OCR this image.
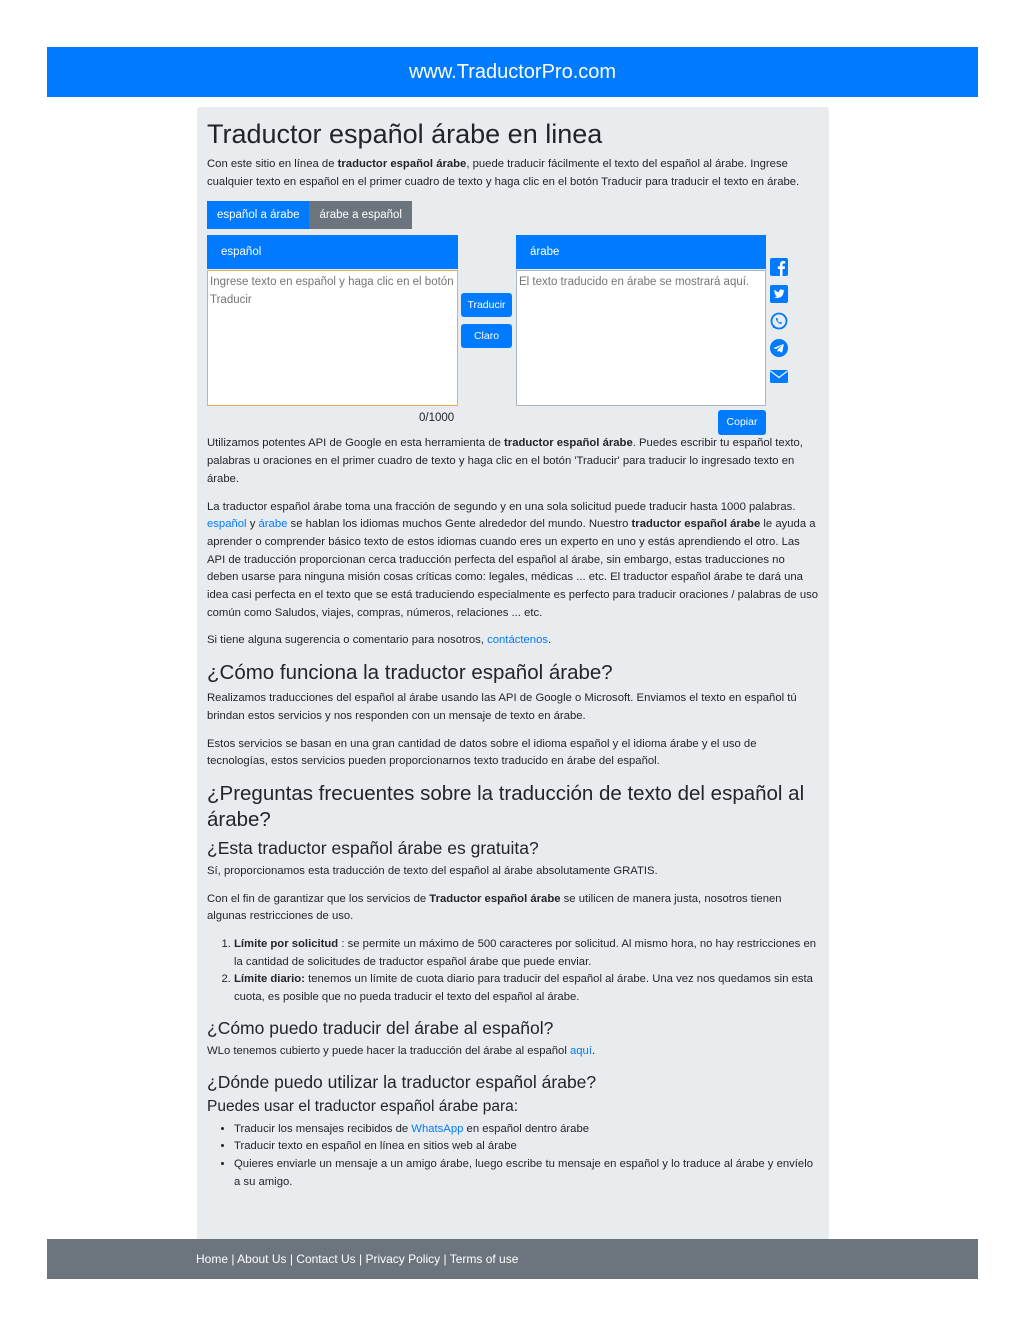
www.TraductorPro.com
Traductor español árabe en linea

Con este sitio en línea de traductor español árabe, puede traducir fácilmente el texto del español al árabe. Ingrese cualquier texto en español en el primer cuadro de texto y haga clic en el botón Traducir para traducir el texto en árabe.

español a árabe	árabe a español
español
Ingrese texto en español y haga clic en el botón Traducir
Traducir
Claro
árabe
El texto traducido en árabe se mostrará aquí.
0/1000	Copiar

Utilizamos potentes API de Google en esta herramienta de traductor español árabe. Puedes escribir tu español texto, palabras u oraciones en el primer cuadro de texto y haga clic en el botón 'Traducir' para traducir lo ingresado texto en árabe.

La traductor español árabe toma una fracción de segundo y en una sola solicitud puede traducir hasta 1000 palabras. español y árabe se hablan los idiomas muchos Gente alrededor del mundo. Nuestro traductor español árabe le ayuda a aprender o comprender básico texto de estos idiomas cuando eres un experto en uno y estás aprendiendo el otro. Las API de traducción proporcionan cerca traducción perfecta del español al árabe, sin embargo, estas traducciones no deben usarse para ninguna misión cosas críticas como: legales, médicas ... etc. El traductor español árabe te dará una idea casi perfecta en el texto que se está traduciendo especialmente es perfecto para traducir oraciones / palabras de uso común como Saludos, viajes, compras, números, relaciones ... etc.

Si tiene alguna sugerencia o comentario para nosotros, contáctenos.

¿Cómo funciona la traductor español árabe?

Realizamos traducciones del español al árabe usando las API de Google o Microsoft. Enviamos el texto en español tú brindan estos servicios y nos responden con un mensaje de texto en árabe.

Estos servicios se basan en una gran cantidad de datos sobre el idioma español y el idioma árabe y el uso de tecnologías, estos servicios pueden proporcionarnos texto traducido en árabe del español.

¿Preguntas frecuentes sobre la traducción de texto del español al árabe?
¿Esta traductor español árabe es gratuita?

Sí, proporcionamos esta traducción de texto del español al árabe absolutamente GRATIS.

Con el fin de garantizar que los servicios de Traductor español árabe se utilicen de manera justa, nosotros tienen algunas restricciones de uso.

1. Límite por solicitud : se permite un máximo de 500 caracteres por solicitud. Al mismo hora, no hay restricciones en la cantidad de solicitudes de traductor español árabe que puede enviar.
2. Límite diario: tenemos un límite de cuota diario para traducir del español al árabe. Una vez nos quedamos sin esta cuota, es posible que no pueda traducir el texto del español al árabe.
¿Cómo puedo traducir del árabe al español?

WLo tenemos cubierto y puede hacer la traducción del árabe al español aquí.

¿Dónde puedo utilizar la traductor español árabe?
Puedes usar el traductor español árabe para:
• Traducir los mensajes recibidos de WhatsApp en español dentro árabe
• Traducir texto en español en línea en sitios web al árabe
• Quieres enviarle un mensaje a un amigo árabe, luego escribe tu mensaje en español y lo traduce al árabe y envíelo a su amigo.
Home | About Us | Contact Us | Privacy Policy | Terms of use
